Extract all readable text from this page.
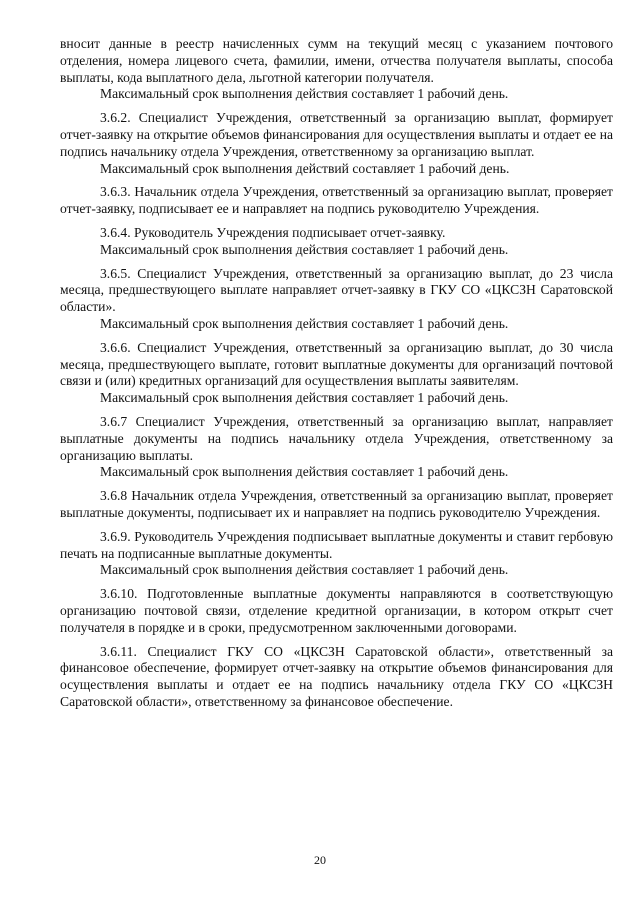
вносит данные в реестр начисленных сумм на текущий месяц с указанием почтового отделения, номера лицевого счета, фамилии, имени, отчества получателя выплаты, способа выплаты, кода выплатного дела, льготной категории получателя.

Максимальный срок выполнения действия составляет 1 рабочий день.

3.6.2. Специалист Учреждения, ответственный за организацию выплат, формирует отчет-заявку на открытие объемов финансирования для осуществления выплаты и отдает ее на подпись начальнику отдела Учреждения, ответственному за организацию выплат.

Максимальный срок выполнения действий составляет 1 рабочий день.

3.6.3. Начальник отдела Учреждения, ответственный за организацию выплат, проверяет отчет-заявку, подписывает ее и направляет на подпись руководителю Учреждения.

3.6.4. Руководитель Учреждения подписывает отчет-заявку.

Максимальный срок выполнения действия составляет 1 рабочий день.

3.6.5. Специалист Учреждения, ответственный за организацию выплат, до 23 числа месяца, предшествующего выплате направляет отчет-заявку в ГКУ СО «ЦКСЗН Саратовской области».

Максимальный срок выполнения действия составляет 1 рабочий день.

3.6.6. Специалист Учреждения, ответственный за организацию выплат, до 30 числа месяца, предшествующего выплате, готовит выплатные документы для организаций почтовой связи и (или) кредитных организаций для осуществления выплаты заявителям.

Максимальный срок выполнения действия составляет 1 рабочий день.

3.6.7 Специалист Учреждения, ответственный за организацию выплат, направляет выплатные документы на подпись начальнику отдела Учреждения, ответственному за организацию выплаты.

Максимальный срок выполнения действия составляет 1 рабочий день.

3.6.8 Начальник отдела Учреждения, ответственный за организацию выплат, проверяет выплатные документы, подписывает их и направляет на подпись руководителю Учреждения.

3.6.9. Руководитель Учреждения подписывает выплатные документы и ставит гербовую печать на подписанные выплатные документы.

Максимальный срок выполнения действия составляет 1 рабочий день.

3.6.10. Подготовленные выплатные документы направляются в соответствующую организацию почтовой связи, отделение кредитной организации, в котором открыт счет получателя в порядке и в сроки, предусмотренном заключенными договорами.

3.6.11. Специалист ГКУ СО «ЦКСЗН Саратовской области», ответственный за финансовое обеспечение, формирует отчет-заявку на открытие объемов финансирования для осуществления выплаты и отдает ее на подпись начальнику отдела ГКУ СО «ЦКСЗН Саратовской области», ответственному за финансовое обеспечение.

20
